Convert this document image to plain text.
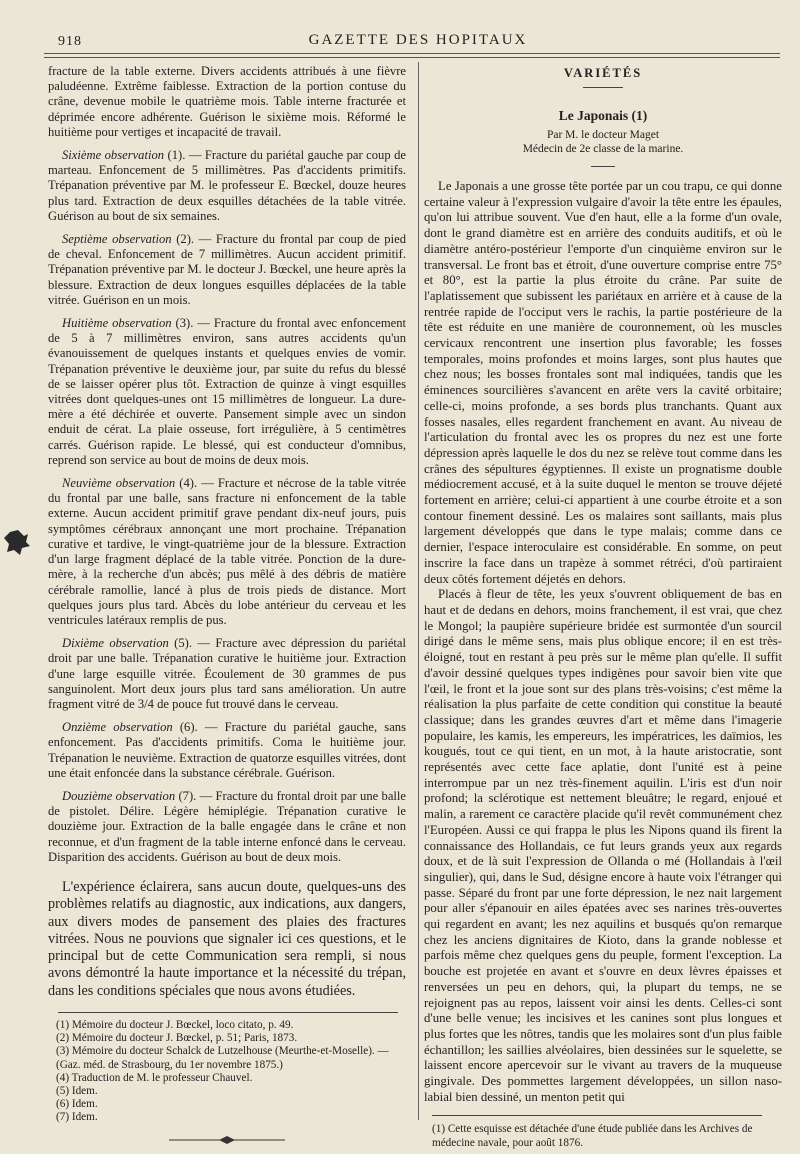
918	GAZETTE DES HOPITAUX

fracture de la table externe. Divers accidents attribués à une fièvre paludéenne. Extrême faiblesse. Extraction de la portion contuse du crâne, devenue mobile le quatrième mois. Table interne fracturée et déprimée encore adhérente. Guérison le sixième mois. Réformé le huitième pour vertiges et incapacité de travail.

Sixième observation (1). — Fracture du pariétal gauche par coup de marteau. Enfoncement de 5 millimètres. Pas d'accidents primitifs. Trépanation préventive par M. le professeur E. Bœckel, douze heures plus tard. Extraction de deux esquilles détachées de la table vitrée. Guérison au bout de six semaines.

Septième observation (2). — Fracture du frontal par coup de pied de cheval. Enfoncement de 7 millimètres. Aucun accident primitif. Trépanation préventive par M. le docteur J. Bœckel, une heure après la blessure. Extraction de deux longues esquilles déplacées de la table vitrée. Guérison en un mois.

Huitième observation (3). — Fracture du frontal avec enfoncement de 5 à 7 millimètres environ, sans autres accidents qu'un évanouissement de quelques instants et quelques envies de vomir. Trépanation préventive le deuxième jour, par suite du refus du blessé de se laisser opérer plus tôt. Extraction de quinze à vingt esquilles vitrées dont quelques-unes ont 15 millimètres de longueur. La dure-mère a été déchirée et ouverte. Pansement simple avec un sindon enduit de cérat. La plaie osseuse, fort irrégulière, à 5 centimètres carrés. Guérison rapide. Le blessé, qui est conducteur d'omnibus, reprend son service au bout de moins de deux mois.

Neuvième observation (4). — Fracture et nécrose de la table vitrée du frontal par une balle, sans fracture ni enfoncement de la table externe. Aucun accident primitif grave pendant dix-neuf jours, puis symptômes cérébraux annonçant une mort prochaine. Trépanation curative et tardive, le vingt-quatrième jour de la blessure. Extraction d'un large fragment déplacé de la table vitrée. Ponction de la dure-mère, à la recherche d'un abcès; pus mêlé à des débris de matière cérébrale ramollie, lancé à plus de trois pieds de distance. Mort quelques jours plus tard. Abcès du lobe antérieur du cerveau et les ventricules latéraux remplis de pus.

Dixième observation (5). — Fracture avec dépression du pariétal droit par une balle. Trépanation curative le huitième jour. Extraction d'une large esquille vitrée. Écoulement de 30 grammes de pus sanguinolent. Mort deux jours plus tard sans amélioration. Un autre fragment vitré de 3/4 de pouce fut trouvé dans le cerveau.

Onzième observation (6). — Fracture du pariétal gauche, sans enfoncement. Pas d'accidents primitifs. Coma le huitième jour. Trépanation le neuvième. Extraction de quatorze esquilles vitrées, dont une était enfoncée dans la substance cérébrale. Guérison.

Douzième observation (7). — Fracture du frontal droit par une balle de pistolet. Délire. Légère hémiplégie. Trépanation curative le douzième jour. Extraction de la balle engagée dans le crâne et non reconnue, et d'un fragment de la table interne enfoncé dans le cerveau. Disparition des accidents. Guérison au bout de deux mois.

L'expérience éclairera, sans aucun doute, quelques-uns des problèmes relatifs au diagnostic, aux indications, aux dangers, aux divers modes de pansement des plaies des fractures vitrées. Nous ne pouvions que signaler ici ces questions, et le principal but de cette Communication sera rempli, si nous avons démontré la haute importance et la nécessité du trépan, dans les conditions spéciales que nous avons étudiées.

(1) Mémoire du docteur J. Bœckel, loco citato, p. 49.

(2) Mémoire du docteur J. Bœckel, p. 51; Paris, 1873.

(3) Mémoire du docteur Schalck de Lutzelhouse (Meurthe-et-Moselle). — (Gaz. méd. de Strasbourg, du 1er novembre 1875.)

(4) Traduction de M. le professeur Chauvel.

(5) Idem.

(6) Idem.

(7) Idem.

VARIÉTÉS
Le Japonais (1)

Par M. le docteur Maget

Médecin de 2e classe de la marine.

Le Japonais a une grosse tête portée par un cou trapu, ce qui donne certaine valeur à l'expression vulgaire d'avoir la tête entre les épaules, qu'on lui attribue souvent. Vue d'en haut, elle a la forme d'un ovale, dont le grand diamètre est en arrière des conduits auditifs, et où le diamètre antéro-postérieur l'emporte d'un cinquième environ sur le transversal. Le front bas et étroit, d'une ouverture comprise entre 75° et 80°, est la partie la plus étroite du crâne. Par suite de l'aplatissement que subissent les pariétaux en arrière et à cause de la rentrée rapide de l'occiput vers le rachis, la partie postérieure de la tête est réduite en une manière de couronnement, où les muscles cervicaux rencontrent une insertion plus favorable; les fosses temporales, moins profondes et moins larges, sont plus hautes que chez nous; les bosses frontales sont mal indiquées, tandis que les éminences sourcilières s'avancent en arête vers la cavité orbitaire; celle-ci, moins profonde, a ses bords plus tranchants. Quant aux fosses nasales, elles regardent franchement en avant. Au niveau de l'articulation du frontal avec les os propres du nez est une forte dépression après laquelle le dos du nez se relève tout comme dans les crânes des sépultures égyptiennes. Il existe un prognatisme double médiocrement accusé, et à la suite duquel le menton se trouve déjeté fortement en arrière; celui-ci appartient à une courbe étroite et a son contour finement dessiné. Les os malaires sont saillants, mais plus largement développés que dans le type malais; comme dans ce dernier, l'espace interoculaire est considérable. En somme, on peut inscrire la face dans un trapèze à sommet rétréci, d'où partiraient deux côtés fortement déjetés en dehors.

Placés à fleur de tête, les yeux s'ouvrent obliquement de bas en haut et de dedans en dehors, moins franchement, il est vrai, que chez le Mongol; la paupière supérieure bridée est surmontée d'un sourcil dirigé dans le même sens, mais plus oblique encore; il en est très-éloigné, tout en restant à peu près sur le même plan qu'elle. Il suffit d'avoir dessiné quelques types indigènes pour savoir bien vite que l'œil, le front et la joue sont sur des plans très-voisins; c'est même la réalisation la plus parfaite de cette condition qui constitue la beauté classique; dans les grandes œuvres d'art et même dans l'imagerie populaire, les kamis, les empereurs, les impératrices, les daïmios, les kougués, tout ce qui tient, en un mot, à la haute aristocratie, sont représentés avec cette face aplatie, dont l'unité est à peine interrompue par un nez très-finement aquilin. L'iris est d'un noir profond; la sclérotique est nettement bleuâtre; le regard, enjoué et malin, a rarement ce caractère placide qu'il revêt communément chez l'Européen. Aussi ce qui frappa le plus les Nipons quand ils firent la connaissance des Hollandais, ce fut leurs grands yeux aux regards doux, et de là suit l'expression de Ollanda o mé (Hollandais à l'œil singulier), qui, dans le Sud, désigne encore à haute voix l'étranger qui passe. Séparé du front par une forte dépression, le nez nait largement pour aller s'épanouir en ailes épatées avec ses narines très-ouvertes qui regardent en avant; les nez aquilins et busqués qu'on remarque chez les anciens dignitaires de Kioto, dans la grande noblesse et parfois même chez quelques gens du peuple, forment l'exception. La bouche est projetée en avant et s'ouvre en deux lèvres épaisses et renversées un peu en dehors, qui, la plupart du temps, ne se rejoignent pas au repos, laissent voir ainsi les dents. Celles-ci sont d'une belle venue; les incisives et les canines sont plus longues et plus fortes que les nôtres, tandis que les molaires sont d'un plus faible échantillon; les saillies alvéolaires, bien dessinées sur le squelette, se laissent encore apercevoir sur le vivant au travers de la muqueuse gingivale. Des pommettes largement développées, un sillon naso-labial bien dessiné, un menton petit qui

(1) Cette esquisse est détachée d'une étude publiée dans les Archives de médecine navale, pour août 1876.
